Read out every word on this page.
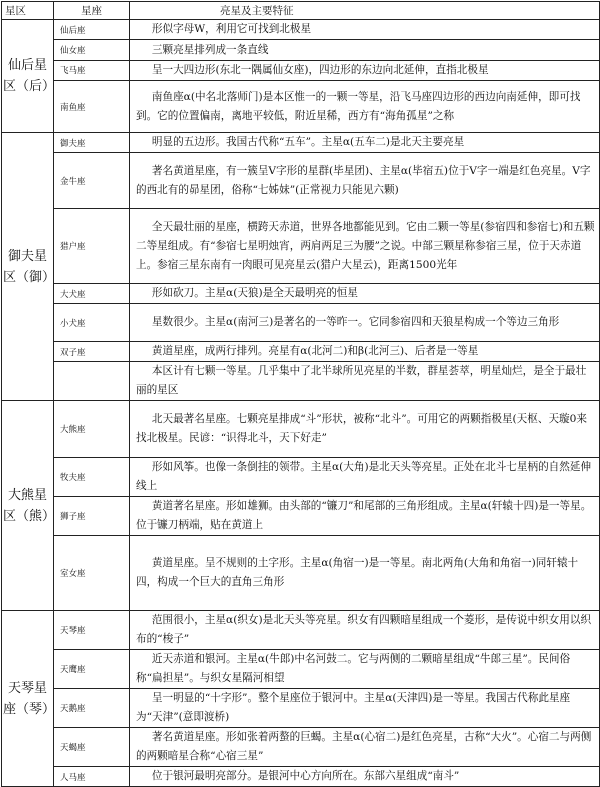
星区	星座	亮星及主要特征
仙后星区（后）	仙后座	形似字母W，利用它可找到北极星

	仙女座	三颗亮星排列成一条直线

	飞马座	呈一大四边形(东北一隅属仙女座)，四边形的东边向北延伸，直指北极星

	南鱼座	南鱼座α(中名北落师门)是本区惟一的一颗一等星，沿飞马座四边形的西边向南延伸，即可找到。它的位置偏南，离地平较低，附近星稀，西方有“海角孤星”之称

御夫星区（御）	御夫座	明显的五边形。我国古代称“五车”。主星α(五车二)是北天主要亮星

	金牛座	著名黄道星座，有一簇呈V字形的星群(毕星团)、主星α(毕宿五)位于V字一端是红色亮星。V字的西北有的昴星团，俗称“七姊妹”(正常视力只能见六颗)

	猎户座	全天最壮丽的星座，横跨天赤道，世界各地都能见到。它由二颗一等星(参宿四和参宿七)和五颗二等星组成。有“参宿七星明烛宵，两肩两足三为腰”之说。中部三颗星称参宿三星，位于天赤道上。参宿三星东南有一肉眼可见亮星云(猎户大星云)，距离1500光年

	大犬座	形如砍刀。主星α(天狼)是全天最明亮的恒星

	小犬座	星数很少。主星α(南河三)是著名的一等昨一。它同参宿四和天狼星构成一个等边三角形

	双子座	黄道星座，成两行排列。亮星有α(北河二)和β(北河三)、后者是一等星

		本区计有七颗一等星。几乎集中了北半球所见亮星的半数，群星荟萃，明星灿烂，是全于最壮丽的星区

大熊星区（熊）	大熊座	北天最著名星座。七颗亮星排成“斗”形状，被称“北斗”。可用它的两颗指极星(天枢、天璇0来找北极星。民谚：“识得北斗，天下好走”

	牧夫座	形如风筝。也像一条倒挂的领带。主星α(大角)是北天头等亮星。正处在北斗七星柄的自然延伸线上

	狮子座	黄道著名星座。形如雄狮。由头部的“镰刀”和尾部的三角形组成。主星α(轩辕十四)是一等星。位于镰刀柄端，贴在黄道上

	室女座	黄道星座。呈不规则的土字形。主星α(角宿一)是一等星。南北两角(大角和角宿一)同轩辕十四，构成一个巨大的直角三角形

天琴星座（琴）	天琴座	范围很小，主星α(织女)是北天头等亮星。织女有四颗暗星组成一个菱形，是传说中织女用以织布的“梭子”

	天鹰座	近天赤道和银河。主星α(牛郎)中名河鼓二。它与两侧的二颗暗星组成“牛郎三星”。民间俗称“扁担星”。与织女星隔河相望

	天鹅座	呈一明显的“十字形”。整个星座位于银河中。主星α(天津四)是一等星。我国古代称此星座为“天津”(意即渡桥)

	天蝎座	著名黄道星座。形如张着两螯的巨蝎。主星α(心宿二)是红色亮星，古称“大火”。心宿二与两侧的两颗暗星合称“心宿三星”

	人马座	位于银河最明亮部分。是银河中心方向所在。东部六星组成“南斗”
